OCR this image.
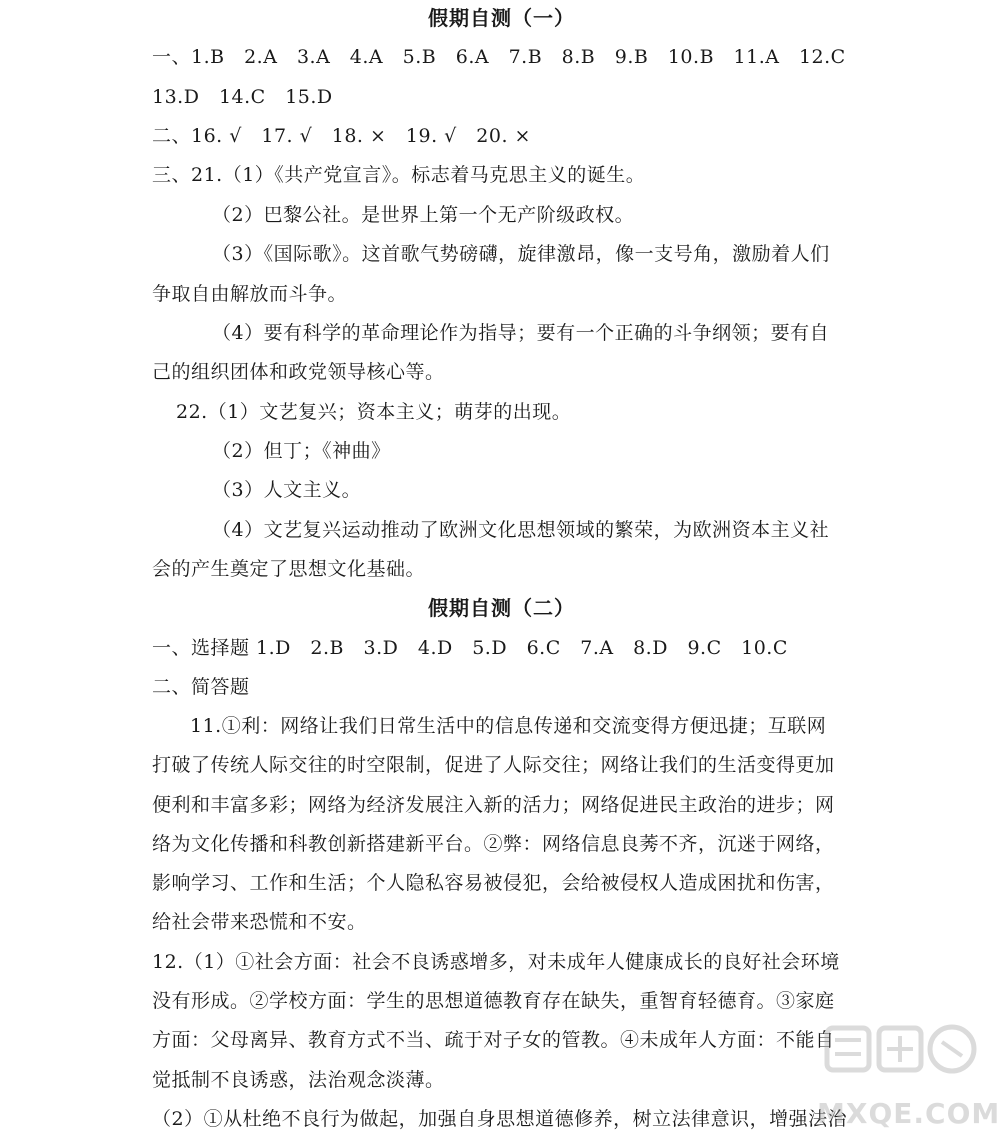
假期自测（一）
一、1.B　2.A　3.A　4.A　5.B　6.A　7.B　8.B　9.B　10.B　11.A　12.C
13.D　14.C　15.D
二、16. √　17. √　18. ×　19. √　20. ×
三、21.（1）《共产党宣言》。标志着马克思主义的诞生。
（2）巴黎公社。是世界上第一个无产阶级政权。
（3）《国际歌》。这首歌气势磅礴，旋律激昂，像一支号角，激励着人们
争取自由解放而斗争。
（4）要有科学的革命理论作为指导；要有一个正确的斗争纲领；要有自
己的组织团体和政党领导核心等。
22.（1）文艺复兴；资本主义；萌芽的出现。
（2）但丁；《神曲》
（3）人文主义。
（4）文艺复兴运动推动了欧洲文化思想领域的繁荣，为欧洲资本主义社
会的产生奠定了思想文化基础。
假期自测（二）
一、选择题 1.D　2.B　3.D　4.D　5.D　6.C　7.A　8.D　9.C　10.C
二、简答题
11.①利：网络让我们日常生活中的信息传递和交流变得方便迅捷；互联网
打破了传统人际交往的时空限制，促进了人际交往；网络让我们的生活变得更加
便利和丰富多彩；网络为经济发展注入新的活力；网络促进民主政治的进步；网
络为文化传播和科教创新搭建新平台。②弊：网络信息良莠不齐，沉迷于网络，
影响学习、工作和生活；个人隐私容易被侵犯，会给被侵权人造成困扰和伤害，
给社会带来恐慌和不安。
12.（1）①社会方面：社会不良诱惑增多，对未成年人健康成长的良好社会环境
没有形成。②学校方面：学生的思想道德教育存在缺失，重智育轻德育。③家庭
方面：父母离异、教育方式不当、疏于对子女的管教。④未成年人方面：不能自
觉抵制不良诱惑，法治观念淡薄。
（2）①从杜绝不良行为做起，加强自身思想道德修养，树立法律意识，增强法治
MXQE.COM
